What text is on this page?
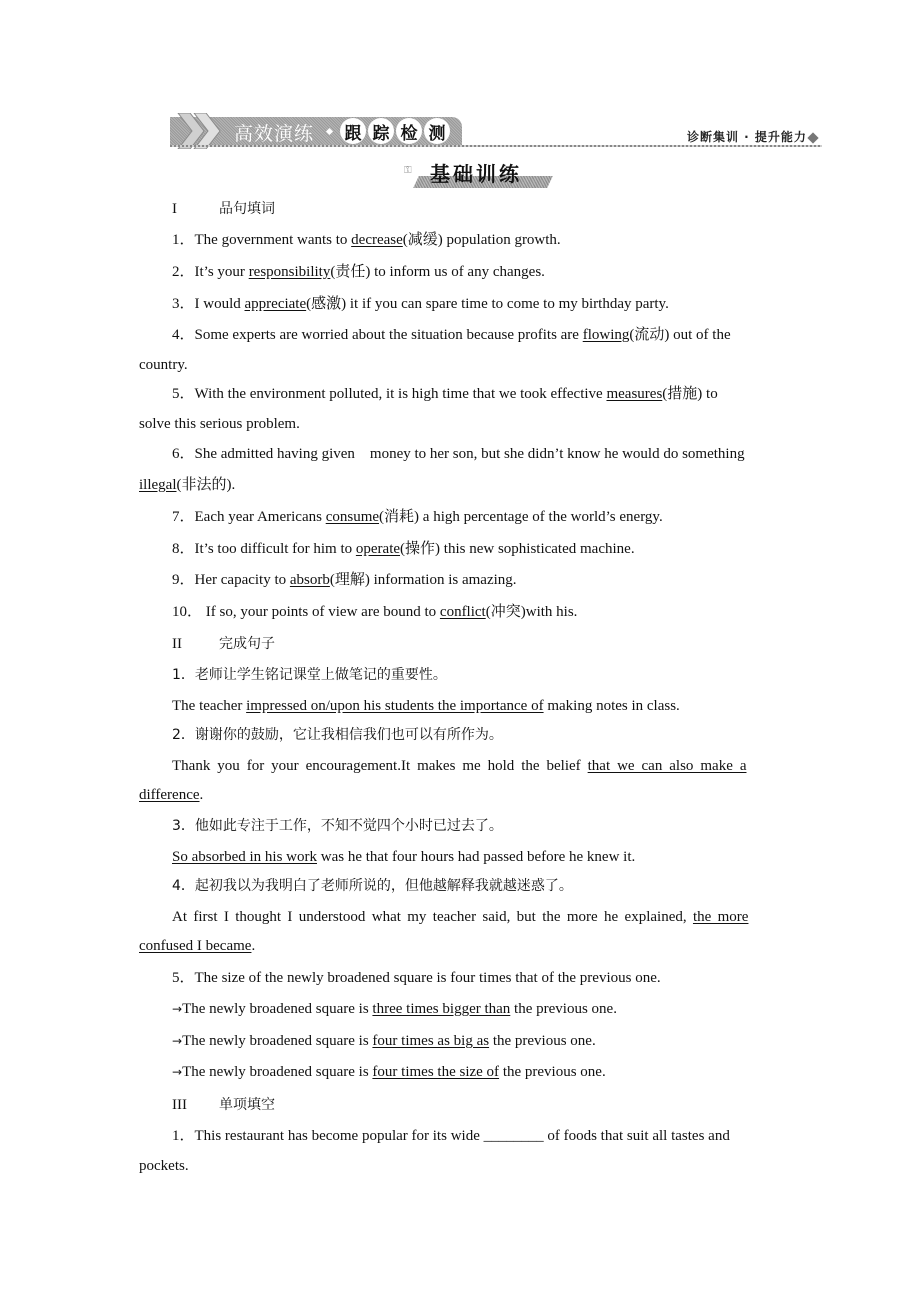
高效演练 跟 踪 检 测	诊断集训 · 提升能力
⚿ 基础训练
I	品句填词
1．The government wants to decrease(减缓) population growth.
2．It’s your responsibility(责任) to inform us of any changes.
3．I would appreciate(感激) it if you can spare time to come to my birthday party.
4．Some experts are worried about the situation because profits are flowing(流动) out of the
country.
5．With the environment polluted, it is high time that we took effective measures(措施) to
solve this serious problem.
6．She admitted having given    money to her son, but she didn’t know he would do something
illegal(非法的).
7．Each year Americans consume(消耗) a high percentage of the world’s energy.
8．It’s too difficult for him to operate(操作) this new sophisticated machine.
9．Her capacity to absorb(理解) information is amazing.
10． If so, your points of view are bound to conflict(冲突)with his.
II	完成句子
1．老师让学生铭记课堂上做笔记的重要性。
The teacher impressed on/upon his students the importance of making notes in class.
2．谢谢你的鼓励，它让我相信我们也可以有所作为。
Thank you for your encouragement.It makes me hold the belief that we can also make a
difference.
3．他如此专注于工作，不知不觉四个小时已过去了。
So absorbed in his work was he that four hours had passed before he knew it.
4．起初我以为我明白了老师所说的，但他越解释我就越迷惑了。
At first I thought I understood what my teacher said, but the more he explained, the more
confused I became.
5．The size of the newly broadened square is four times that of the previous one.
→The newly broadened square is three times bigger than the previous one.
→The newly broadened square is four times as big as the previous one.
→The newly broadened square is four times the size of the previous one.
III 单项填空
1．This restaurant has become popular for its wide ________ of foods that suit all tastes and
pockets.
